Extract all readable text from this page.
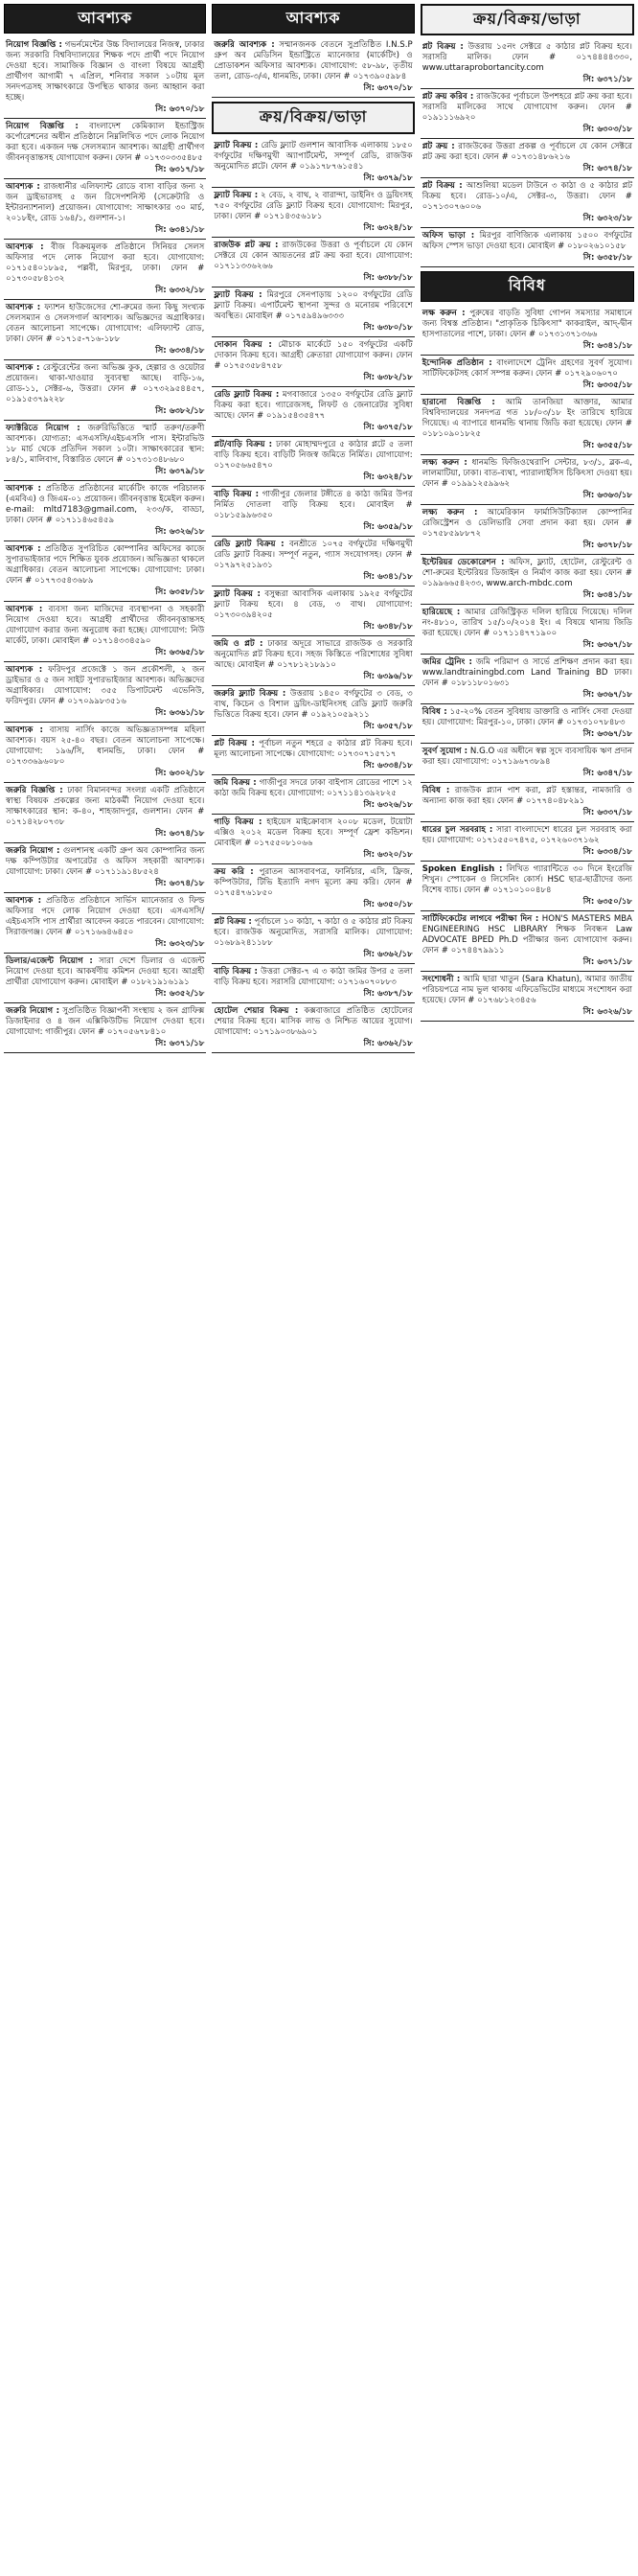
আবশ্যক
নিয়োগ বিজ্ঞপ্তি : গভর্নমেন্টের উচ্চ বিদ্যালয়ের নিজস্ব, ঢাকার জন্য সরকারি বিশ্ববিদ্যালয়ের শিক্ষক পদে প্রার্থী পদে নিয়োগ দেওয়া হবে। সামাজিক বিজ্ঞান ও বাংলা বিষয়ে আগ্রহী প্রার্থীগণ আগামী ৭ এপ্রিল, শনিবার সকাল ১০টায় মূল সনদপত্রসহ সাক্ষাৎকারে উপস্থিত থাকার জন্য আহ্বান করা হচ্ছে।
সি: ৬৩৭০/১৮
নিয়োগ বিজ্ঞপ্তি : বাংলাদেশ কেমিক্যাল ইন্ডাস্ট্রিজ কর্পোরেশনের অধীন প্রতিষ্ঠানে নিম্নলিখিত পদে লোক নিয়োগ করা হবে। একজন দক্ষ সেলসম্যান আবশ্যক। আগ্রহী প্রার্থীগণ জীবনবৃত্তান্তসহ যোগাযোগ করুন। ফোন # ০১৭৩০৩৩৫৪৮৫
সি: ৬৩১৭/১৮
আবশ্যক : রাজধানীর এলিফ্যান্ট রোডে বাসা বাড়ির জন্য ২ জন ড্রাইভারসহ ৫ জন রিসেপশনিস্ট (সেক্রেটারি ও ইন্টারন্যাশনাল) প্রয়োজন। যোগাযোগ: সাক্ষাৎকার ৩০ মার্চ, ২০১৮ইং, রোড ১৬৪/১, গুলশান-১।
সি: ৬৩৪১/১৮
আবশ্যক : বীজ বিক্রয়মূলক প্রতিষ্ঠানে সিনিয়র সেলস অফিসার পদে লোক নিয়োগ করা হবে। যোগাযোগ: ০১৭১৫৪০১৮৯৫, পল্লবী, মিরপুর, ঢাকা। ফোন # ০১৭৩০৫৮৪১৩২
সি: ৬৩৩২/১৮
আবশ্যক : ফ্যাশন হাউজেসের শো-রুমের জন্য কিছু সংখ্যক সেলসম্যান ও সেলসগার্ল আবশ্যক। অভিজ্ঞদের অগ্রাধিকার। বেতন আলোচনা সাপেক্ষে। যোগাযোগ: এলিফ্যান্ট রোড, ঢাকা। ফোন # ০১৭১৫-৭১৬-১৮৮
সি: ৬৩৩৪/১৮
আবশ্যক : রেস্টুরেন্টের জন্য অভিজ্ঞ কুক, হেল্পার ও ওয়েটার প্রয়োজন। থাকা-খাওয়ার সুব্যবস্থা আছে। বাড়ি-১৬, রোড-১১, সেক্টর-৬, উত্তরা। ফোন # ০১৭৩২৯৫৪৪৫৭, ০১৯১৫৩৭৯২২৮
সি: ৬৩৮২/১৮
ফ্যাক্টরিতে নিয়োগ : জরুরিভিত্তিতে স্মার্ট তরুণ/তরুণী আবশ্যক। যোগ্যতা: এসএসসি/এইচএসসি পাস। ইন্টারভিউ ১৮ মার্চ থেকে প্রতিদিন সকাল ১০টা। সাক্ষাৎকারের স্থান: ৮৪/১, মালিবাগ, বিস্তারিত ফোনে # ০১৭৩১৩৪৮৬৮০
সি: ৬৩৭৯/১৮
আবশ্যক : প্রতিষ্ঠিত প্রতিষ্ঠানের মার্কেটিং কাজে পরিচালক (এমবিএ) ও জিএম-০১ প্রয়োজন। জীবনবৃত্তান্ত ইমেইল করুন। e-mail: mltd7183@gmail.com, ২৩৩/ক, বাড্ডা, ঢাকা। ফোন # ০১৭১১৪৬৫৪৫৯
সি: ৬৩২৬/১৮
আবশ্যক : প্রতিষ্ঠিত সুপরিচিত কোম্পানির অফিসের কাজে সুপারভাইজার পদে শিক্ষিত যুবক প্রয়োজন। অভিজ্ঞতা থাকলে অগ্রাধিকার। বেতন আলোচনা সাপেক্ষে। যোগাযোগ: ঢাকা। ফোন # ০১৭৭৩৫৪৩৬৮৯
সি: ৬৩৫৮/১৮
আবশ্যক : ব্যবসা জন্য মাজিদের ব্যবস্থাপনা ও সহকারী নিয়োগ দেওয়া হবে। আগ্রহী প্রার্থীদের জীবনবৃত্তান্তসহ যোগাযোগ করার জন্য অনুরোধ করা হচ্ছে। যোগাযোগ: নিউ মার্কেট, ঢাকা। মোবাইল # ০১৭১৪৩৩৪৫৯০
সি: ৬৩৬৫/১৮
আবশ্যক : ফরিদপুর প্রজেক্টে ১ জন প্রকৌশলী, ২ জন ড্রাইভার ও ৫ জন সাইট সুপারভাইজার আবশ্যক। অভিজ্ঞদের অগ্রাধিকার। যোগাযোগ: ৩৫৫ ডিপাটমেন্ট এভেনিউ, ফরিদপুর। ফোন # ০১৭০৯৯৮৩৫১৬
সি: ৬৩৬১/১৮
আবশ্যক : বাসায় নার্সিং কাজে অভিজ্ঞতাসম্পন্ন মহিলা আবশ্যক। বয়স ২৫-৪০ বছর। বেতন আলোচনা সাপেক্ষে। যোগাযোগ: ১৯৬/সি, ধানমন্ডি, ঢাকা। ফোন # ০১৭৩৩৬৯৬০৮০
সি: ৬৩০২/১৮
জরুরি বিজ্ঞপ্তি : ঢাকা বিমানবন্দর সংলগ্ন একটি প্রতিষ্ঠানে স্বাস্থ্য বিষয়ক প্রকল্পের জন্য মাঠকর্মী নিয়োগ দেওয়া হবে। সাক্ষাৎকারের স্থান: ক-৪০, শাহজাদপুর, গুলশান। ফোন # ০১৭১৪২৮০৭৩৮
সি: ৬৩৭৪/১৮
জরুরি নিয়োগ : গুলশানস্থ একটি গ্রুপ অব কোম্পানির জন্য দক্ষ কম্পিউটার অপারেটর ও অফিস সহকারী আবশ্যক। যোগাযোগ: ঢাকা। ফোন # ০১৭১১৯১৪৮৫২৪
সি: ৬৩৭৪/১৮
আবশ্যক : প্রতিষ্ঠিত প্রতিষ্ঠানে সার্ভিস ম্যানেজার ও ফিল্ড অফিসার পদে লোক নিয়োগ দেওয়া হবে। এসএসসি/এইচএসসি পাস প্রার্থীরা আবেদন করতে পারবেন। যোগাযোগ: সিরাজগঞ্জ। ফোন # ০১৭১৬৬৪৬৪৫০
সি: ৬৩২৩/১৮
ডিলার/এজেন্ট নিয়োগ : সারা দেশে ডিলার ও এজেন্ট নিয়োগ দেওয়া হবে। আকর্ষণীয় কমিশন দেওয়া হবে। আগ্রহী প্রার্থীরা যোগাযোগ করুন। মোবাইল # ০১৮২১৯১৬১৯১
সি: ৬৩৫২/১৮
জরুরি নিয়োগ : সুপ্রতিষ্ঠিত বিজ্ঞাপনী সংস্থায় ২ জন গ্রাফিক্স ডিজাইনার ও ৪ জন এক্সিকিউটিভ নিয়োগ দেওয়া হবে। যোগাযোগ: গাজীপুর। ফোন # ০১৭০৫৬৭৮৪১০
সি: ৬৩৭১/১৮
আবশ্যক
জরুরি আবশ্যক : সম্মানজনক বেতনে সুপ্রতিষ্ঠিত I.N.S.P গ্রুপ অব মেডিসিন ইন্ডাস্ট্রিতে ম্যানেজার (মার্কেটিং) ও প্রোডাকশন অফিসার আবশ্যক। যোগাযোগ: ৫৮-৯৮, তৃতীয় তলা, রোড-৩/এ, ধানমন্ডি, ঢাকা। ফোন # ০১৭৩৯০৫৯৮৪
সি: ৬৩৭০/১৮
ক্রয়/বিক্রয়/ভাড়া
ফ্ল্যাট বিক্রয় : রেডি ফ্ল্যাট গুলশান আবাসিক এলাকায় ১৮৫০ বর্গফুটের দক্ষিণমুখী অ্যাপার্টমেন্ট, সম্পূর্ণ রেডি, রাজউক অনুমোদিত প্লটে। ফোন # ০১৯১৭৮৭৬১৫৪১
সি: ৬৩৭৯/১৮
ফ্ল্যাট বিক্রয় : ২ বেড, ২ বাথ, ২ বারান্দা, ডাইনিং ও ড্রয়িংসহ ৭৫০ বর্গফুটের রেডি ফ্ল্যাট বিক্রয় হবে। যোগাযোগ: মিরপুর, ঢাকা। ফোন # ০১৭১৪৩৫৬১৮১
সি: ৬৩২৪/১৮
রাজউক প্লট ক্রয় : রাজউকের উত্তরা ও পূর্বাচলে যে কোন সেক্টরে যে কোন আয়তনের প্লট ক্রয় করা হবে। যোগাযোগ: ০১৭১১৩৩৬২৬৬
সি: ৬৩৮৮/১৮
ফ্ল্যাট বিক্রয় : মিরপুরে সেনপাড়ায় ১২০০ বর্গফুটের রেডি ফ্ল্যাট বিক্রয়। এপার্টমেন্ট স্থাপনা সুন্দর ও মনোরম পরিবেশে অবস্থিত। মোবাইল # ০১৭৫৯৪৯৬৩৩৩
সি: ৬৩৮০/১৮
দোকান বিক্রয় : মৌচাক মার্কেটে ১৫০ বর্গফুটের একটি দোকান বিক্রয় হবে। আগ্রহী ক্রেতারা যোগাযোগ করুন। ফোন # ০১৭৫৩৫৮৪৭৫৮
সি: ৬৩৮২/১৮
রেডি ফ্ল্যাট বিক্রয় : মগবাজারে ১৩৫০ বর্গফুটের রেডি ফ্ল্যাট বিক্রয় করা হবে। গ্যারেজসহ, লিফট ও জেনারেটর সুবিধা আছে। ফোন # ০১৯১৫৪৩৫৪৭৭
সি: ৬৩৭৫/১৮
প্লট/বাড়ি বিক্রয় : ঢাকা মোহাম্মদপুরে ৫ কাঠার প্লটে ৫ তলা বাড়ি বিক্রয় হবে। বাড়িটি নিজস্ব জমিতে নির্মিত। যোগাযোগ: ০১৭০৫৬৬৫৪৭০
সি: ৬৩২৪/১৮
বাড়ি বিক্রয় : গাজীপুর জেলার টঙ্গীতে ৪ কাঠা জমির উপর নির্মিত দোতলা বাড়ি বিক্রয় হবে। মোবাইল # ০১৮১৫৯৯৬৩৫০
সি: ৬৩৫৯/১৮
রেডি ফ্ল্যাট বিক্রয় : বনশ্রীতে ১০৭৫ বর্গফুটের দক্ষিণমুখী রেডি ফ্ল্যাট বিক্রয়। সম্পূর্ণ নতুন, গ্যাস সংযোগসহ। ফোন # ০১৭৯৭২৫১৯৩১
সি: ৬৩৪১/১৮
ফ্ল্যাট বিক্রয় : বসুন্ধরা আবাসিক এলাকায় ১৯২৫ বর্গফুটের ফ্ল্যাট বিক্রয় হবে। ৪ বেড, ৩ বাথ। যোগাযোগ: ০১৭৩০৩৯৪২০৫
সি: ৬৩৪৮/১৮
জমি ও প্লট : ঢাকার অদূরে সাভারে রাজউক ও সরকারি অনুমোদিত প্লট বিক্রয় হবে। সহজ কিস্তিতে পরিশোধের সুবিধা আছে। মোবাইল # ০১৭৮১২১৮৯১০
সি: ৬৩৯৬/১৮
জরুরি ফ্ল্যাট বিক্রয় : উত্তরায় ১৪৫০ বর্গফুটের ৩ বেড, ৩ বাথ, কিচেন ও বিশাল ড্রয়িং-ডাইনিংসহ রেডি ফ্ল্যাট জরুরি ভিত্তিতে বিক্রয় হবে। ফোন # ০১৯২১০৫৯২১১
সি: ৬৩৫৭/১৮
প্লট বিক্রয় : পূর্বাচল নতুন শহরে ৫ কাঠার প্লট বিক্রয় হবে। মূল্য আলোচনা সাপেক্ষে। যোগাযোগ: ০১৭৩০৭১৫৭১৭
সি: ৬৩৩৪/১৮
জমি বিক্রয় : গাজীপুর সদরে ঢাকা বাইপাস রোডের পাশে ১২ কাঠা জমি বিক্রয় হবে। যোগাযোগ: ০১৭১১৪১৩৯২৮২৫
সি: ৬৩২৬/১৮
গাড়ি বিক্রয় : হাইয়েস মাইক্রোবাস ২০০৮ মডেল, টয়োটা এক্সিও ২০১২ মডেল বিক্রয় হবে। সম্পূর্ণ ফ্রেশ কন্ডিশন। মোবাইল # ০১৭৫৫০৮১০৬৬
সি: ৬৩২০/১৮
ক্রয় করি : পুরাতন আসবাবপত্র, ফার্নিচার, এসি, ফ্রিজ, কম্পিউটার, টিভি ইত্যাদি নগদ মূল্যে ক্রয় করি। ফোন # ০১৭৫৪৭৬১৮৫০
সি: ৬৩৫০/১৮
প্লট বিক্রয় : পূর্বাচলে ১০ কাঠা, ৭ কাঠা ও ৫ কাঠার প্লট বিক্রয় হবে। রাজউক অনুমোদিত, সরাসরি মালিক। যোগাযোগ: ০১৬৮৯২৪১১৮৮
সি: ৬৩৬২/১৮
বাড়ি বিক্রয় : উত্তরা সেক্টর-৭ এ ৩ কাঠা জমির উপর ৫ তলা বাড়ি বিক্রয় হবে। সরাসরি যোগাযোগ: ০১৭১৬০৭০৮৮৩
সি: ৬৩৮৭/১৮
হোটেল শেয়ার বিক্রয় : কক্সবাজারে প্রতিষ্ঠিত হোটেলের শেয়ার বিক্রয় হবে। মাসিক লাভ ও নিশ্চিত আয়ের সুযোগ। যোগাযোগ: ০১৭১৯০৩৮৬৯০১
সি: ৬৩৬২/১৮
ক্রয়/বিক্রয়/ভাড়া
প্লট বিক্রয় : উত্তরায় ১৫নং সেক্টরে ৫ কাঠার প্লট বিক্রয় হবে। সরাসরি মালিক। ফোন # ০১৭৪৪৪৪৩৩০, www.uttaraprobortancity.com
সি: ৬৩৭১/১৮
প্লট ক্রয় করিব : রাজউকের পূর্বাচলে উপশহরে প্লট ক্রয় করা হবে। সরাসরি মালিকের সাথে যোগাযোগ করুন। ফোন # ০১৯১১১৬৯২০
সি: ৬৩০৩/১৮
প্লট ক্রয় : রাজউকের উত্তরা প্রকল্প ও পূর্বাচলে যে কোন সেক্টরে প্লট ক্রয় করা হবে। ফোন # ০১৭৩১৪৮৬২১৬
সি: ৬৩৭৪/১৮
প্লট বিক্রয় : আশুলিয়া মডেল টাউনে ৩ কাঠা ও ৫ কাঠার প্লট বিক্রয় হবে। রোড-১০/এ, সেক্টর-৩, উত্তরা। ফোন # ০১৭১৩০৭৬০০৬
সি: ৬৩২৩/১৮
অফিস ভাড়া : মিরপুর বাণিজ্যিক এলাকায় ১৫০০ বর্গফুটের অফিস স্পেস ভাড়া দেওয়া হবে। মোবাইল # ০১৮০২৬১০১৫৮
সি: ৬৩৫৮/১৮
বিবিধ
লক্ষ করুন : পুরুষের বাড়তি সুবিধা গোপন সমস্যার সমাধানে জন্য বিশ্বস্ত প্রতিষ্ঠান। "প্রাকৃতিক চিকিৎসা" কাকরাইল, আদ্-দ্বীন হাসপাতালের পাশে, ঢাকা। ফোন # ০১৭৩১৩৭১৩৬৬
সি: ৬৩৪১/১৮
ইন্দোনিক প্রতিষ্ঠান : বাংলাদেশে ট্রেনিং গ্রহণের সুবর্ণ সুযোগ। সার্টিফিকেটসহ কোর্স সম্পন্ন করুন। ফোন # ০১৭২৯০৬০৭০
সি: ৬৩৩৫/১৮
হারানো বিজ্ঞপ্তি : আমি তানজিয়া আক্তার, আমার বিশ্ববিদ্যালয়ের সনদপত্র গত ১৮/০৩/১৮ ইং তারিখে হারিয়ে গিয়েছে। এ ব্যাপারে ধানমন্ডি থানায় জিডি করা হয়েছে। ফোন # ০১৮১০৯০১৮২৫
সি: ৬৩৫৫/১৮
লক্ষ্য করুন : ধানমন্ডি ফিজিওথেরাপি সেন্টার, ৮৩/১, ব্লক-এ, লালমাটিয়া, ঢাকা। বাত-ব্যথা, প্যারালাইসিস চিকিৎসা দেওয়া হয়। ফোন # ০১৯৯১২৫৯৯৬২
সি: ৬৩৬৩/১৮
লক্ষ্য করুন : আমেরিকান ফার্মাসিউটিক্যাল কোম্পানির রেজিস্ট্রেশন ও ডেলিভারি সেবা প্রদান করা হয়। ফোন # ০১৭৫৮৫৯৮৮৭২
সি: ৬৩৭৮/১৮
ইন্টেরিয়র ডেকোরেশন : অফিস, ফ্ল্যাট, হোটেল, রেস্টুরেন্ট ও শো-রুমের ইন্টেরিয়র ডিজাইন ও নির্মাণ কাজ করা হয়। ফোন # ০১৯৯৬৬৫৪২৩৩, www.arch-mbdc.com
সি: ৬৩৪১/১৮
হারিয়েছে : আমার রেজিস্ট্রিকৃত দলিল হারিয়ে গিয়েছে। দলিল নং-৪৮১০, তারিখ ১৫/১০/২০১৪ ইং। এ বিষয়ে থানায় জিডি করা হয়েছে। ফোন # ০১৭১১৪৭৭১৯০০
সি: ৬৩৬৭/১৮
জমির ট্রেনিং : জমি পরিমাপ ও সার্ভে প্রশিক্ষণ প্রদান করা হয়। www.landtrainingbd.com Land Training BD ঢাকা। ফোন # ০১৮১১৮০১৬৩১
সি: ৬৩৬৭/১৮
বিবিধ : ১৫-২০% বেতন সুবিধায় ডাক্তারি ও নার্সিং সেবা দেওয়া হয়। যোগাযোগ: মিরপুর-১০, ঢাকা। ফোন # ০১৭৩১০৭৮৪৮৩
সি: ৬৩৬৭/১৮
সুবর্ণ সুযোগ : N.G.O এর অধীনে স্বল্প সুদে ব্যবসায়িক ঋণ প্রদান করা হয়। যোগাযোগ: ০১৭১৯৬৭৩৮৯৪
সি: ৬৩৪৭/১৮
বিবিধ : রাজউক প্ল্যান পাশ করা, প্লট হস্তান্তর, নামজারি ও অন্যান্য কাজ করা হয়। ফোন # ০১৭৭৪০৪৮২৯১
সি: ৬৩৩৭/১৮
ধারের চুল সরবরাহ : সারা বাংলাদেশে ধারের চুল সরবরাহ করা হয়। যোগাযোগ: ০১৭১৫৫০৭৪৭৫, ০১৭২৬০৩৭১৬২
সি: ৬৩৩৪/১৮
Spoken English : লিখিত গ্যারান্টিতে ৩০ দিনে ইংরেজি শিখুন। স্পোকেন ও লিসেনিং কোর্স। HSC ছাত্র-ছাত্রীদের জন্য বিশেষ ব্যাচ। ফোন # ০১৭১০১০০৪৮৪
সি: ৬৩৫০/১৮
সার্টিফিকেটের লাগবে পরীক্ষা দিন : HON'S MASTERS MBA ENGINEERING HSC LIBRARY শিক্ষক নিবন্ধন Law ADVOCATE BPED Ph.D পরীক্ষার জন্য যোগাযোগ করুন। ফোন # ০১৭৪৪৭৯৯১১
সি: ৬৩৭১/১৮
সংশোধনী : আমি ছারা খাতুন (Sara Khatun), আমার জাতীয় পরিচয়পত্রে নাম ভুল থাকায় এফিডেভিটের মাধ্যমে সংশোধন করা হয়েছে। ফোন # ০১৭৬৮১২৩৪৫৬
সি: ৬৩২৬/১৮
